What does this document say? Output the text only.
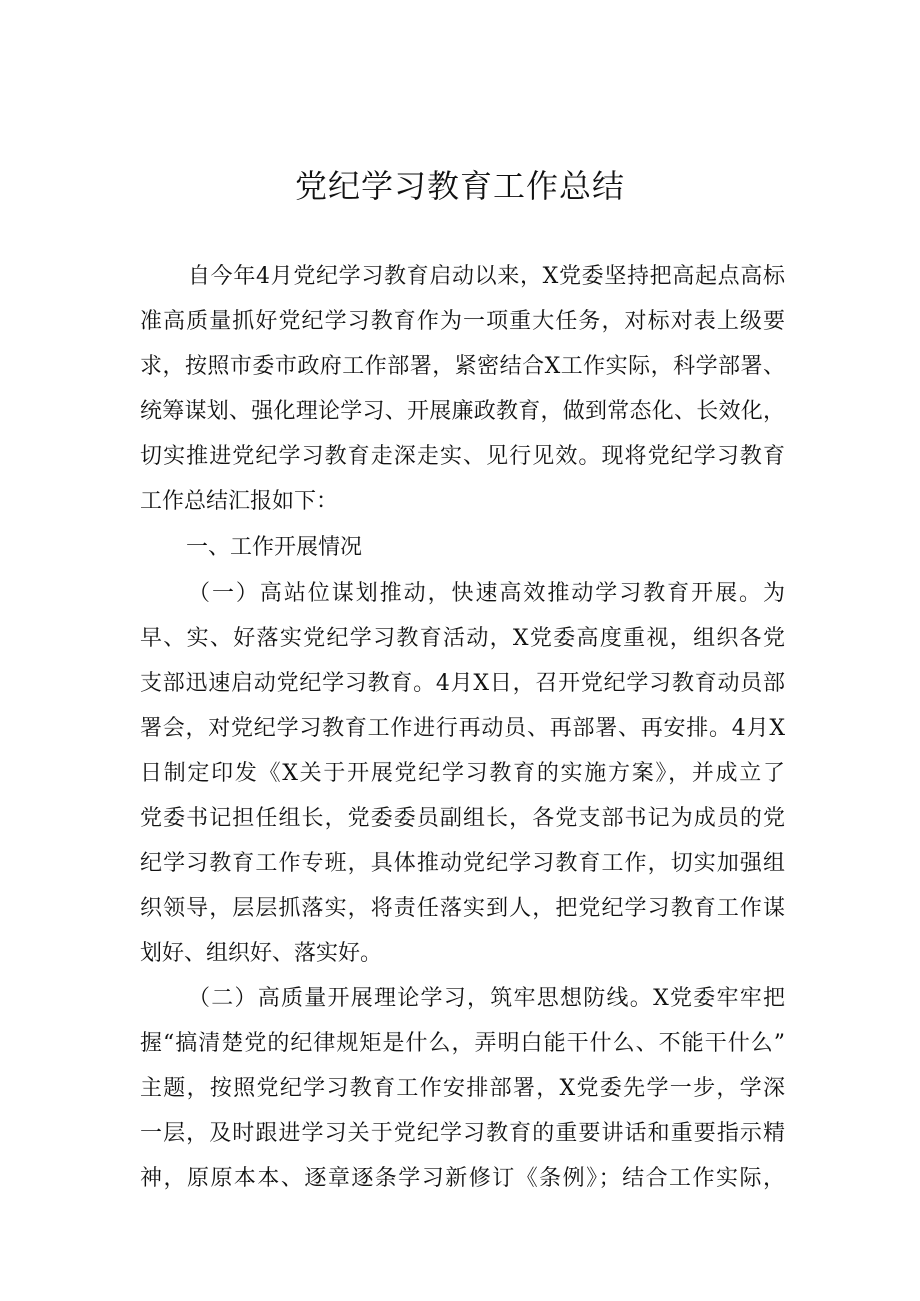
党纪学习教育工作总结
自今年4月党纪学习教育启动以来，X党委坚持把高起点高标
准高质量抓好党纪学习教育作为一项重大任务，对标对表上级要
求，按照市委市政府工作部署，紧密结合X工作实际，科学部署、
统筹谋划、强化理论学习、开展廉政教育，做到常态化、长效化，
切实推进党纪学习教育走深走实、见行见效。现将党纪学习教育
工作总结汇报如下：
一、工作开展情况
（一）高站位谋划推动，快速高效推动学习教育开展。为
早、实、好落实党纪学习教育活动，X党委高度重视，组织各党
支部迅速启动党纪学习教育。4月X日，召开党纪学习教育动员部
署会，对党纪学习教育工作进行再动员、再部署、再安排。4月X
日制定印发《X关于开展党纪学习教育的实施方案》，并成立了
党委书记担任组长，党委委员副组长，各党支部书记为成员的党
纪学习教育工作专班，具体推动党纪学习教育工作，切实加强组
织领导，层层抓落实，将责任落实到人，把党纪学习教育工作谋
划好、组织好、落实好。
（二）高质量开展理论学习，筑牢思想防线。X党委牢牢把
握“搞清楚党的纪律规矩是什么，弄明白能干什么、不能干什么”
主题，按照党纪学习教育工作安排部署，X党委先学一步，学深
一层，及时跟进学习关于党纪学习教育的重要讲话和重要指示精
神，原原本本、逐章逐条学习新修订《条例》；结合工作实际，
